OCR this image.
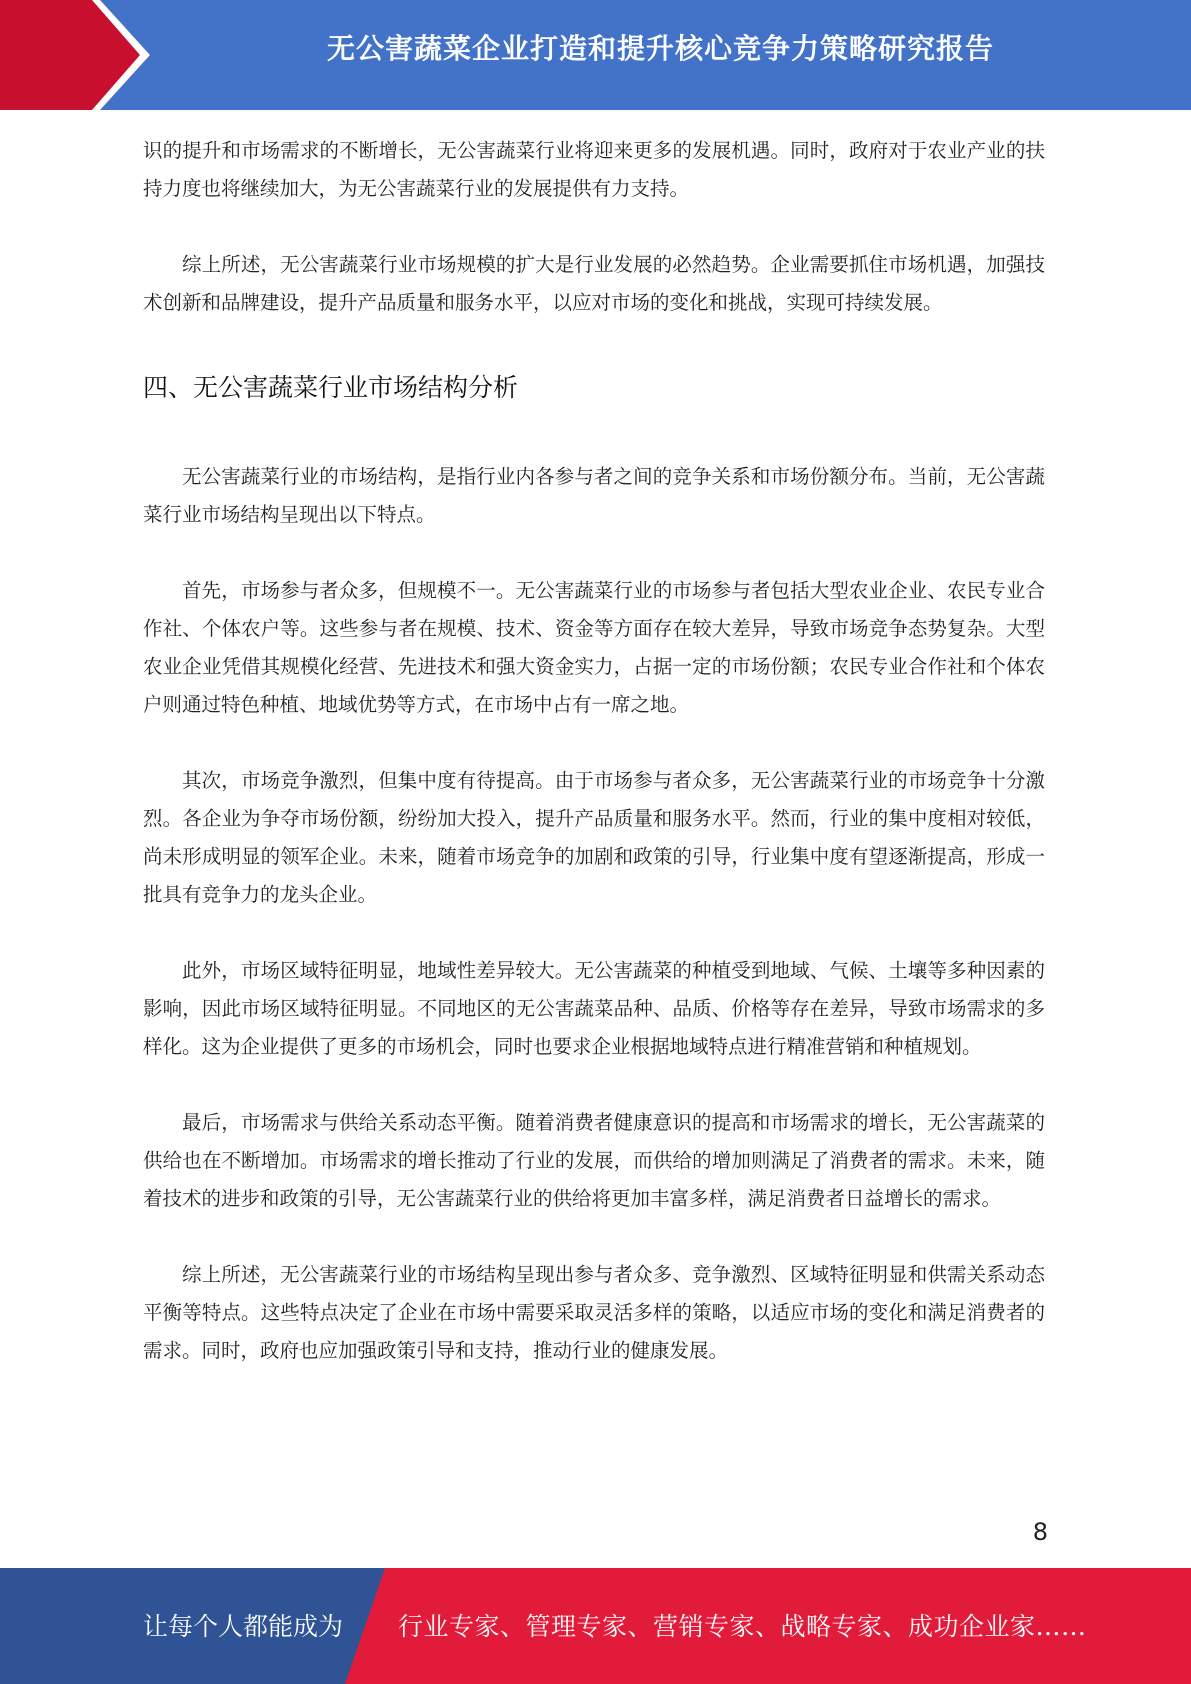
无公害蔬菜企业打造和提升核心竞争力策略研究报告

识的提升和市场需求的不断增长，无公害蔬菜行业将迎来更多的发展机遇。同时，政府对于农业产业的扶持力度也将继续加大，为无公害蔬菜行业的发展提供有力支持。

综上所述，无公害蔬菜行业市场规模的扩大是行业发展的必然趋势。企业需要抓住市场机遇，加强技术创新和品牌建设，提升产品质量和服务水平，以应对市场的变化和挑战，实现可持续发展。

四、无公害蔬菜行业市场结构分析

无公害蔬菜行业的市场结构，是指行业内各参与者之间的竞争关系和市场份额分布。当前，无公害蔬菜行业市场结构呈现出以下特点。

首先，市场参与者众多，但规模不一。无公害蔬菜行业的市场参与者包括大型农业企业、农民专业合作社、个体农户等。这些参与者在规模、技术、资金等方面存在较大差异，导致市场竞争态势复杂。大型农业企业凭借其规模化经营、先进技术和强大资金实力，占据一定的市场份额；农民专业合作社和个体农户则通过特色种植、地域优势等方式，在市场中占有一席之地。

其次，市场竞争激烈，但集中度有待提高。由于市场参与者众多，无公害蔬菜行业的市场竞争十分激烈。各企业为争夺市场份额，纷纷加大投入，提升产品质量和服务水平。然而，行业的集中度相对较低，尚未形成明显的领军企业。未来，随着市场竞争的加剧和政策的引导，行业集中度有望逐渐提高，形成一批具有竞争力的龙头企业。

此外，市场区域特征明显，地域性差异较大。无公害蔬菜的种植受到地域、气候、土壤等多种因素的影响，因此市场区域特征明显。不同地区的无公害蔬菜品种、品质、价格等存在差异，导致市场需求的多样化。这为企业提供了更多的市场机会，同时也要求企业根据地域特点进行精准营销和种植规划。

最后，市场需求与供给关系动态平衡。随着消费者健康意识的提高和市场需求的增长，无公害蔬菜的供给也在不断增加。市场需求的增长推动了行业的发展，而供给的增加则满足了消费者的需求。未来，随着技术的进步和政策的引导，无公害蔬菜行业的供给将更加丰富多样，满足消费者日益增长的需求。

综上所述，无公害蔬菜行业的市场结构呈现出参与者众多、竞争激烈、区域特征明显和供需关系动态平衡等特点。这些特点决定了企业在市场中需要采取灵活多样的策略，以适应市场的变化和满足消费者的需求。同时，政府也应加强政策引导和支持，推动行业的健康发展。

8
让每个人都能成为 行业专家、管理专家、营销专家、战略专家、成功企业家……
